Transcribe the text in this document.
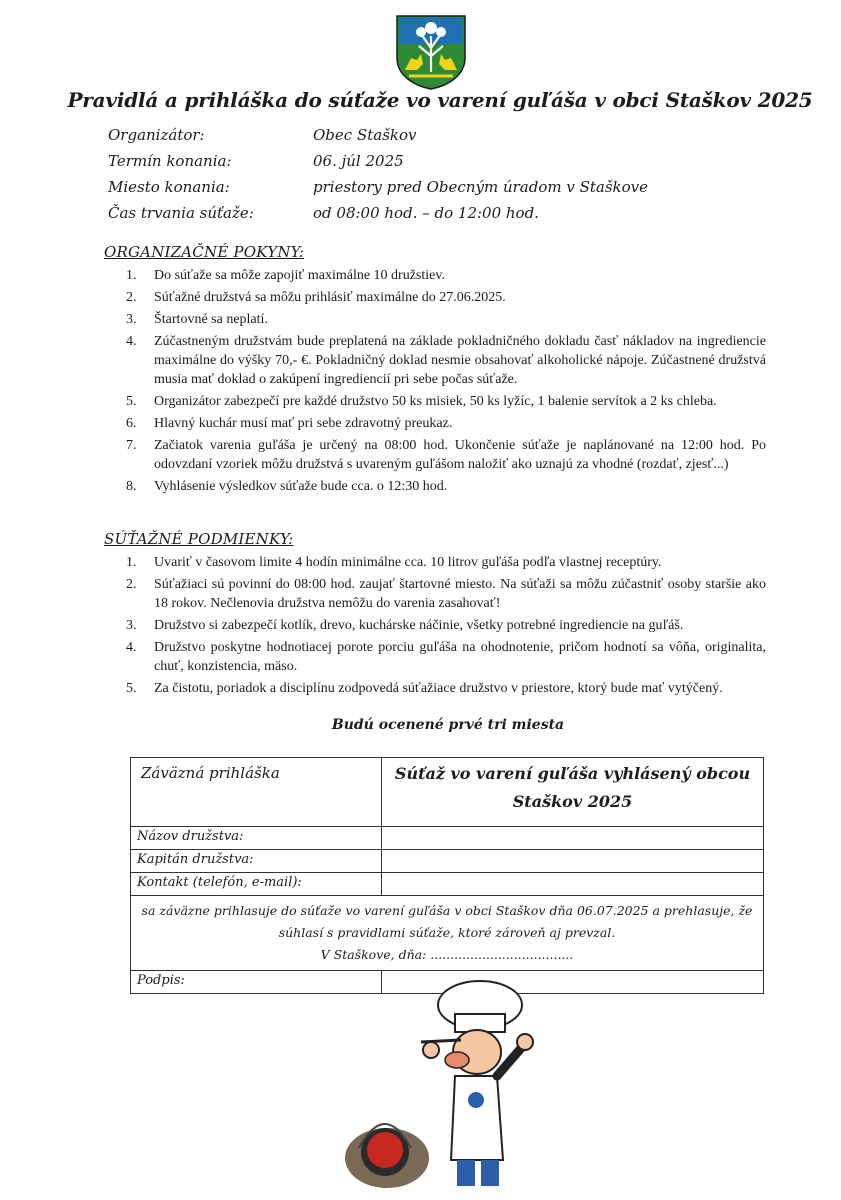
Pravidlá a prihláška do súťaže vo varení guľáša v obci Staškov 2025
Organizátor:	Obec Staškov
Termín konania:	06. júl 2025
Miesto konania:	priestory pred Obecným úradom v Staškove
Čas trvania súťaže:	od 08:00 hod. – do 12:00 hod.
ORGANIZAČNÉ POKYNY:
1.	Do súťaže sa môže zapojiť maximálne 10 družstiev.
2.	Súťažné družstvá sa môžu prihlásiť maximálne do 27.06.2025.
3.	Štartovné sa neplatí.
4.	Zúčastneným družstvám bude preplatená na základe pokladničného dokladu časť nákladov na ingrediencie maximálne do výšky 70,- €. Pokladničný doklad nesmie obsahovať alkoholické nápoje. Zúčastnené družstvá musia mať doklad o zakúpení ingrediencií pri sebe počas súťaže.
5.	Organizátor zabezpečí pre každé družstvo 50 ks misiek, 50 ks lyžíc, 1 balenie servítok a 2 ks chleba.
6.	Hlavný kuchár musí mať pri sebe zdravotný preukaz.
7.	Začiatok varenia guľáša je určený na 08:00 hod. Ukončenie súťaže je naplánované na 12:00 hod. Po odovzdaní vzoriek môžu družstvá s uvareným guľášom naložiť ako uznajú za vhodné (rozdať, zjesť...)
8.	Vyhlásenie výsledkov súťaže bude cca. o 12:30 hod.
SÚŤAŽNÉ PODMIENKY:
1.	Uvariť v časovom limite 4 hodín minimálne cca. 10 litrov guľáša podľa vlastnej receptúry.
2.	Súťažiaci sú povinní do 08:00 hod. zaujať štartovné miesto. Na súťaži sa môžu zúčastniť osoby staršie ako 18 rokov. Nečlenovia družstva nemôžu do varenia zasahovať!
3.	Družstvo si zabezpečí kotlík, drevo, kuchárske náčinie, všetky potrebné ingrediencie na guľáš.
4.	Družstvo poskytne hodnotiacej porote porciu guľáša na ohodnotenie, pričom hodnotí sa vôňa, originalita, chuť, konzistencia, mäso.
5.	Za čistotu, poriadok a disciplínu zodpovedá súťažiace družstvo v priestore, ktorý bude mať vytýčený.
Budú ocenené prvé tri miesta
Záväzná prihláška	Súťaž vo varení guľáša vyhlásený obcou
Staškov 2025

Názov družstva:	
Kapitán družstva:	
Kontakt (telefón, e-mail):	

sa záväzne prihlasuje do súťaže vo varení guľáša v obci Staškov dňa 06.07.2025 a prehlasuje, že
súhlasí s pravidlami súťaže, ktoré zároveň aj prevzal.
V Staškove, dňa: ....................................	

Podpis:	
